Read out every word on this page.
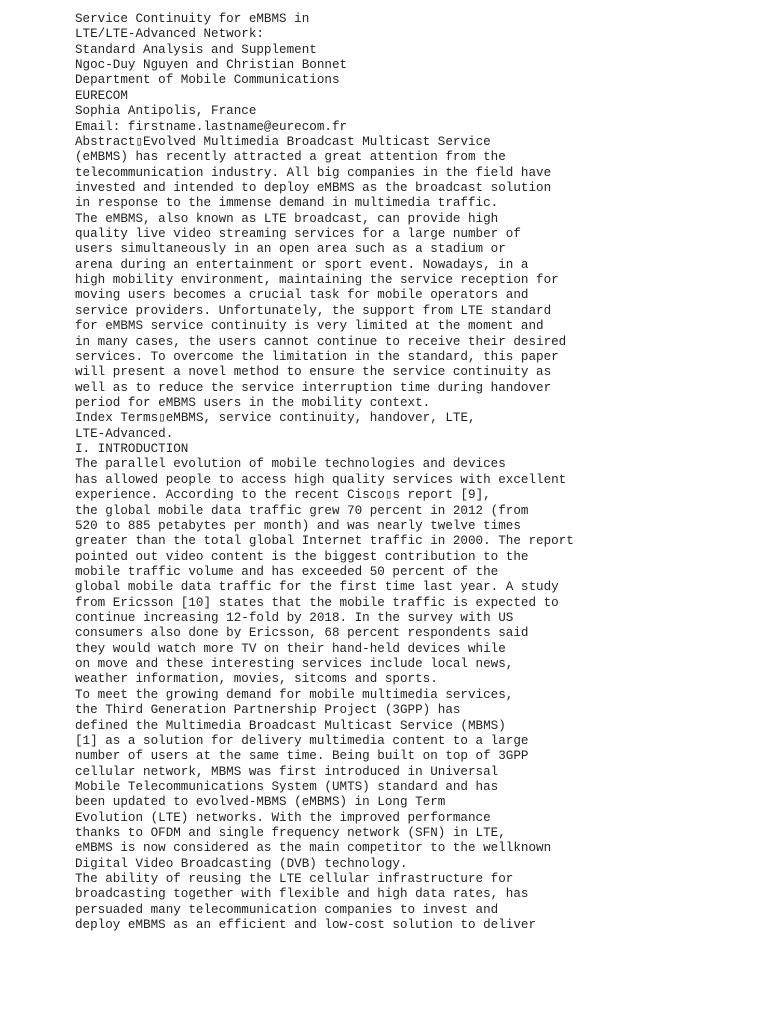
Service Continuity for eMBMS in
LTE/LTE-Advanced Network:
Standard Analysis and Supplement
Ngoc-Duy Nguyen and Christian Bonnet
Department of Mobile Communications
EURECOM
Sophia Antipolis, France
Email: firstname.lastname@eurecom.fr
Abstract▯Evolved Multimedia Broadcast Multicast Service
(eMBMS) has recently attracted a great attention from the
telecommunication industry. All big companies in the field have
invested and intended to deploy eMBMS as the broadcast solution
in response to the immense demand in multimedia traffic.
The eMBMS, also known as LTE broadcast, can provide high
quality live video streaming services for a large number of
users simultaneously in an open area such as a stadium or
arena during an entertainment or sport event. Nowadays, in a
high mobility environment, maintaining the service reception for
moving users becomes a crucial task for mobile operators and
service providers. Unfortunately, the support from LTE standard
for eMBMS service continuity is very limited at the moment and
in many cases, the users cannot continue to receive their desired
services. To overcome the limitation in the standard, this paper
will present a novel method to ensure the service continuity as
well as to reduce the service interruption time during handover
period for eMBMS users in the mobility context.
Index Terms▯eMBMS, service continuity, handover, LTE,
LTE-Advanced.
I. INTRODUCTION
The parallel evolution of mobile technologies and devices
has allowed people to access high quality services with excellent
experience. According to the recent Cisco▯s report [9],
the global mobile data traffic grew 70 percent in 2012 (from
520 to 885 petabytes per month) and was nearly twelve times
greater than the total global Internet traffic in 2000. The report
pointed out video content is the biggest contribution to the
mobile traffic volume and has exceeded 50 percent of the
global mobile data traffic for the first time last year. A study
from Ericsson [10] states that the mobile traffic is expected to
continue increasing 12-fold by 2018. In the survey with US
consumers also done by Ericsson, 68 percent respondents said
they would watch more TV on their hand-held devices while
on move and these interesting services include local news,
weather information, movies, sitcoms and sports.
To meet the growing demand for mobile multimedia services,
the Third Generation Partnership Project (3GPP) has
defined the Multimedia Broadcast Multicast Service (MBMS)
[1] as a solution for delivery multimedia content to a large
number of users at the same time. Being built on top of 3GPP
cellular network, MBMS was first introduced in Universal
Mobile Telecommunications System (UMTS) standard and has
been updated to evolved-MBMS (eMBMS) in Long Term
Evolution (LTE) networks. With the improved performance
thanks to OFDM and single frequency network (SFN) in LTE,
eMBMS is now considered as the main competitor to the wellknown
Digital Video Broadcasting (DVB) technology.
The ability of reusing the LTE cellular infrastructure for
broadcasting together with flexible and high data rates, has
persuaded many telecommunication companies to invest and
deploy eMBMS as an efficient and low-cost solution to deliver
